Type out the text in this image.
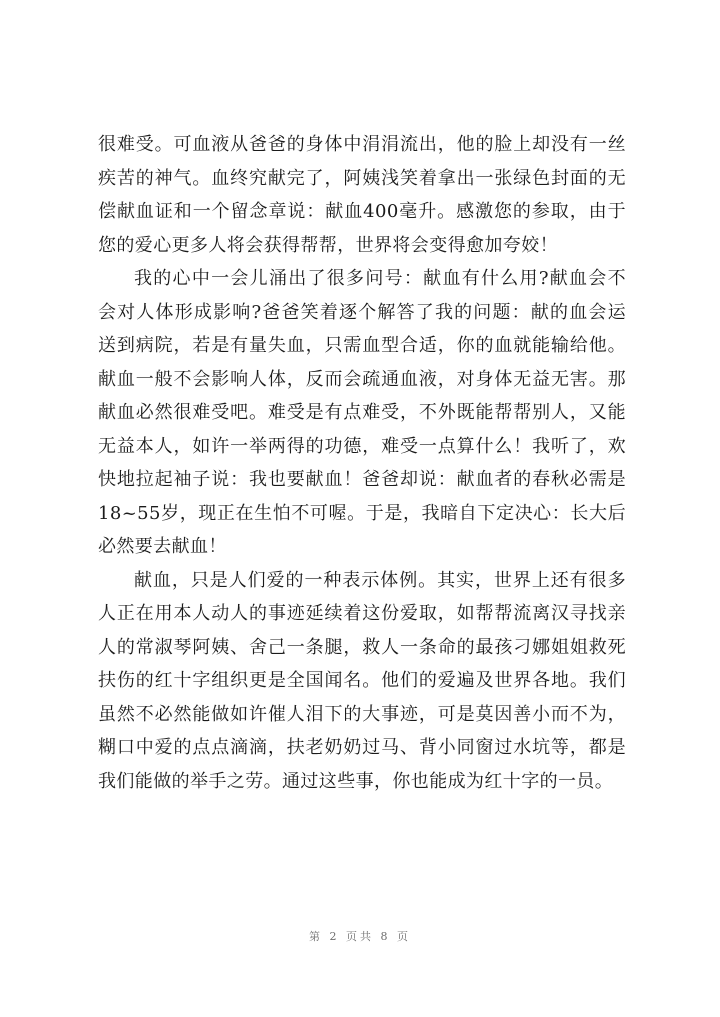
很难受。可血液从爸爸的身体中涓涓流出，他的脸上却没有一丝
疾苦的神气。血终究献完了，阿姨浅笑着拿出一张绿色封面的无
偿献血证和一个留念章说：献血400毫升。感激您的参取，由于
您的爱心更多人将会获得帮帮，世界将会变得愈加夸姣！
我的心中一会儿涌出了很多问号：献血有什么用?献血会不
会对人体形成影响?爸爸笑着逐个解答了我的问题：献的血会运
送到病院，若是有量失血，只需血型合适，你的血就能输给他。
献血一般不会影响人体，反而会疏通血液，对身体无益无害。那
献血必然很难受吧。难受是有点难受，不外既能帮帮别人，又能
无益本人，如许一举两得的功德，难受一点算什么！我听了，欢
快地拉起袖子说：我也要献血！爸爸却说：献血者的春秋必需是
18~55岁，现正在生怕不可喔。于是，我暗自下定决心：长大后
必然要去献血！
献血，只是人们爱的一种表示体例。其实，世界上还有很多
人正在用本人动人的事迹延续着这份爱取，如帮帮流离汉寻找亲
人的常淑琴阿姨、舍己一条腿，救人一条命的最孩刁娜姐姐救死
扶伤的红十字组织更是全国闻名。他们的爱遍及世界各地。我们
虽然不必然能做如许催人泪下的大事迹，可是莫因善小而不为，
糊口中爱的点点滴滴，扶老奶奶过马、背小同窗过水坑等，都是
我们能做的举手之劳。通过这些事，你也能成为红十字的一员。
第 2 页共 8 页
